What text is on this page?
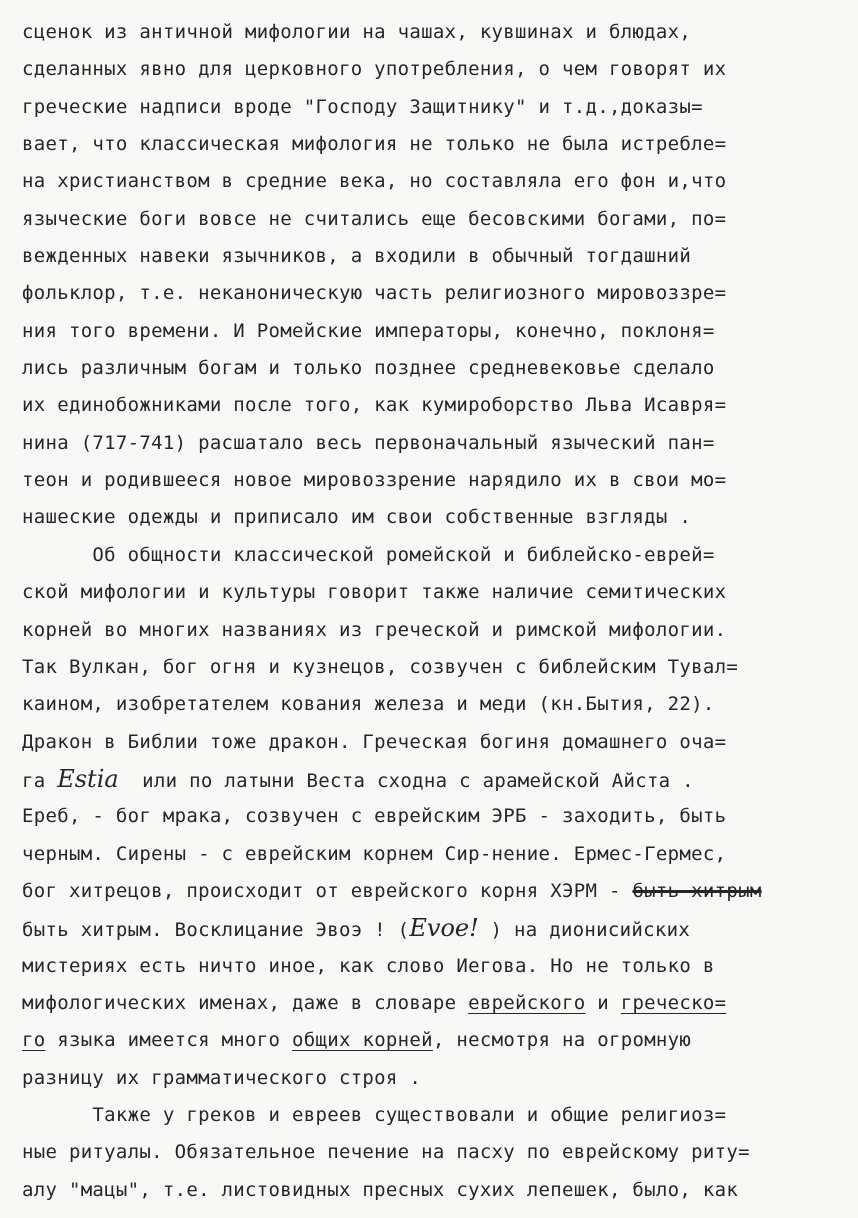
сценок из античной мифологии на чашах, кувшинах и блюдах,
сделанных явно для церковного употребления, о чем говорят их
греческие надписи вроде "Господу Защитнику" и т.д.,доказы=
вает, что классическая мифология не только не была истребле=
на христианством в средние века, но составляла его фон и,что
языческие боги вовсе не считались еще бесовскими богами, по=
вежденных навеки язычников, а входили в обычный тогдашний
фольклор, т.е. неканоническую часть религиозного мировоззре=
ния того времени. И Ромейские императоры, конечно, поклоня=
лись различным богам и только позднее средневековье сделало
их единобожниками после того, как кумироборство Льва Исавря=
нина (717-741) расшатало весь первоначальный языческий пан=
теон и родившееся новое мировоззрение нарядило их в свои мо=
нашеские одежды и приписало им свои собственные взгляды .
Об общности классической ромейской и библейско-еврей=
ской мифологии и культуры говорит также наличие семитических
корней во многих названиях из греческой и римской мифологии.
Так Вулкан, бог огня и кузнецов, созвучен с библейским Тувал=
каином, изобретателем кования железа и меди (кн.Бытия, 22).
Дракон в Библии тоже дракон. Греческая богиня домашнего оча=
га Estia  или по латыни Веста сходна с арамейской Айста .
Ереб, - бог мрака, созвучен с еврейским ЭРБ - заходить, быть
черным. Сирены - с еврейским корнем Сир-нение. Ермес-Гермес,
бог хитрецов, происходит от еврейского корня ХЭРМ - быть хитрым
быть хитрым. Восклицание Эвоэ ! (Evoe! ) на дионисийских
мистериях есть ничто иное, как слово Иегова. Но не только в
мифологических именах, даже в словаре еврейского и греческо=
го языка имеется много общих корней, несмотря на огромную
разницу их грамматического строя .
Также у греков и евреев существовали и общие религиоз=
ные ритуалы. Обязательное печение на пасху по еврейскому риту=
алу "мацы", т.е. листовидных пресных сухих лепешек, было, как
